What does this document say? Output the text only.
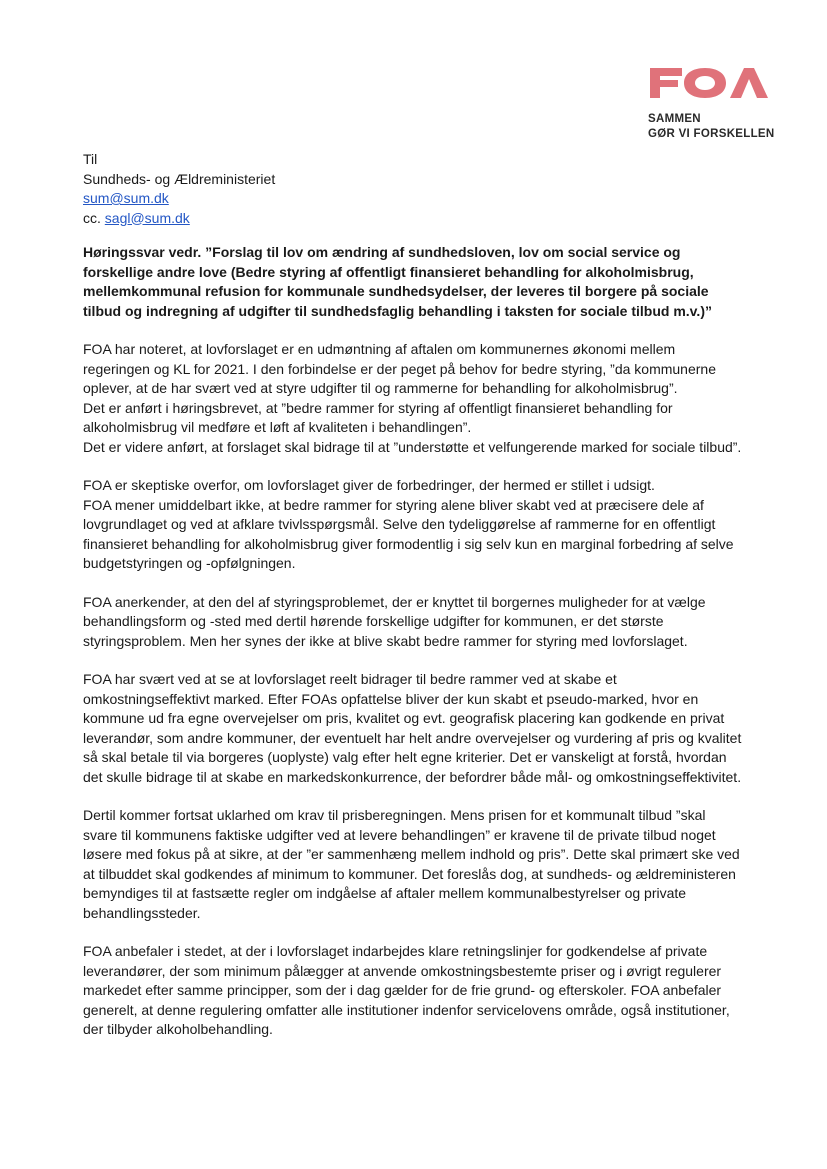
SAMMEN
GØR VI FORSKELLEN
Til
Sundheds- og Ældreministeriet
sum@sum.dk
cc. sagl@sum.dk
Høringssvar vedr. ”Forslag til lov om ændring af sundhedsloven, lov om social service og forskellige andre love (Bedre styring af offentligt finansieret behandling for alkoholmisbrug, mellemkommunal refusion for kommunale sundhedsydelser, der leveres til borgere på sociale tilbud og indregning af udgifter til sundhedsfaglig behandling i taksten for sociale tilbud m.v.)”
FOA har noteret, at lovforslaget er en udmøntning af aftalen om kommunernes økonomi mellem regeringen og KL for 2021. I den forbindelse er der peget på behov for bedre styring, ”da kommunerne oplever, at de har svært ved at styre udgifter til og rammerne for behandling for alkoholmisbrug”.
Det er anført i høringsbrevet, at ”bedre rammer for styring af offentligt finansieret behandling for alkoholmisbrug vil medføre et løft af kvaliteten i behandlingen”.
Det er videre anført, at forslaget skal bidrage til at ”understøtte et velfungerende marked for sociale tilbud”.
FOA er skeptiske overfor, om lovforslaget giver de forbedringer, der hermed er stillet i udsigt.
FOA mener umiddelbart ikke, at bedre rammer for styring alene bliver skabt ved at præcisere dele af lovgrundlaget og ved at afklare tvivlsspørgsmål. Selve den tydeliggørelse af rammerne for en offentligt finansieret behandling for alkoholmisbrug giver formodentlig i sig selv kun en marginal forbedring af selve budgetstyringen og -opfølgningen.
FOA anerkender, at den del af styringsproblemet, der er knyttet til borgernes muligheder for at vælge behandlingsform og -sted med dertil hørende forskellige udgifter for kommunen, er det største styringsproblem. Men her synes der ikke at blive skabt bedre rammer for styring med lovforslaget.
FOA har svært ved at se at lovforslaget reelt bidrager til bedre rammer ved at skabe et omkostningseffektivt marked. Efter FOAs opfattelse bliver der kun skabt et pseudo-marked, hvor en kommune ud fra egne overvejelser om pris, kvalitet og evt. geografisk placering kan godkende en privat leverandør, som andre kommuner, der eventuelt har helt andre overvejelser og vurdering af pris og kvalitet så skal betale til via borgeres (uoplyste) valg efter helt egne kriterier. Det er vanskeligt at forstå, hvordan det skulle bidrage til at skabe en markedskonkurrence, der befordrer både mål- og omkostningseffektivitet.
Dertil kommer fortsat uklarhed om krav til prisberegningen. Mens prisen for et kommunalt tilbud ”skal svare til kommunens faktiske udgifter ved at levere behandlingen” er kravene til de private tilbud noget løsere med fokus på at sikre, at der ”er sammenhæng mellem indhold og pris”. Dette skal primært ske ved at tilbuddet skal godkendes af minimum to kommuner. Det foreslås dog, at sundheds- og ældreministeren bemyndiges til at fastsætte regler om indgåelse af aftaler mellem kommunalbestyrelser og private behandlingssteder.
FOA anbefaler i stedet, at der i lovforslaget indarbejdes klare retningslinjer for godkendelse af private leverandører, der som minimum pålægger at anvende omkostningsbestemte priser og i øvrigt regulerer markedet efter samme principper, som der i dag gælder for de frie grund- og efterskoler. FOA anbefaler generelt, at denne regulering omfatter alle institutioner indenfor servicelovens område, også institutioner, der tilbyder alkoholbehandling.
